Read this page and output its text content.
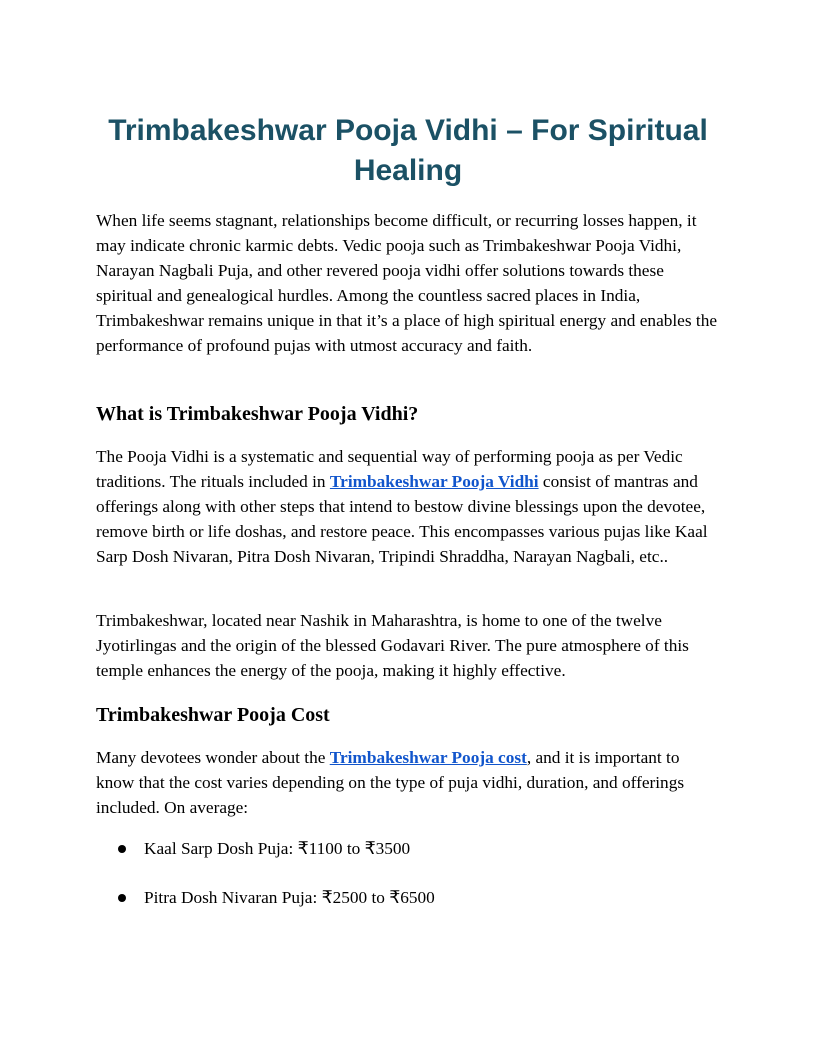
Trimbakeshwar Pooja Vidhi – For Spiritual Healing

When life seems stagnant, relationships become difficult, or recurring losses happen, it may indicate chronic karmic debts. Vedic pooja such as Trimbakeshwar Pooja Vidhi, Narayan Nagbali Puja, and other revered pooja vidhi offer solutions towards these spiritual and genealogical hurdles. Among the countless sacred places in India, Trimbakeshwar remains unique in that it’s a place of high spiritual energy and enables the performance of profound pujas with utmost accuracy and faith.

What is Trimbakeshwar Pooja Vidhi?

The Pooja Vidhi is a systematic and sequential way of performing pooja as per Vedic traditions. The rituals included in Trimbakeshwar Pooja Vidhi consist of mantras and offerings along with other steps that intend to bestow divine blessings upon the devotee, remove birth or life doshas, and restore peace. This encompasses various pujas like Kaal Sarp Dosh Nivaran, Pitra Dosh Nivaran, Tripindi Shraddha, Narayan Nagbali, etc..

Trimbakeshwar, located near Nashik in Maharashtra, is home to one of the twelve Jyotirlingas and the origin of the blessed Godavari River. The pure atmosphere of this temple enhances the energy of the pooja, making it highly effective.

Trimbakeshwar Pooja Cost

Many devotees wonder about the Trimbakeshwar Pooja cost, and it is important to know that the cost varies depending on the type of puja vidhi, duration, and offerings included. On average:

Kaal Sarp Dosh Puja: ₹1100 to ₹3500
Pitra Dosh Nivaran Puja: ₹2500 to ₹6500
